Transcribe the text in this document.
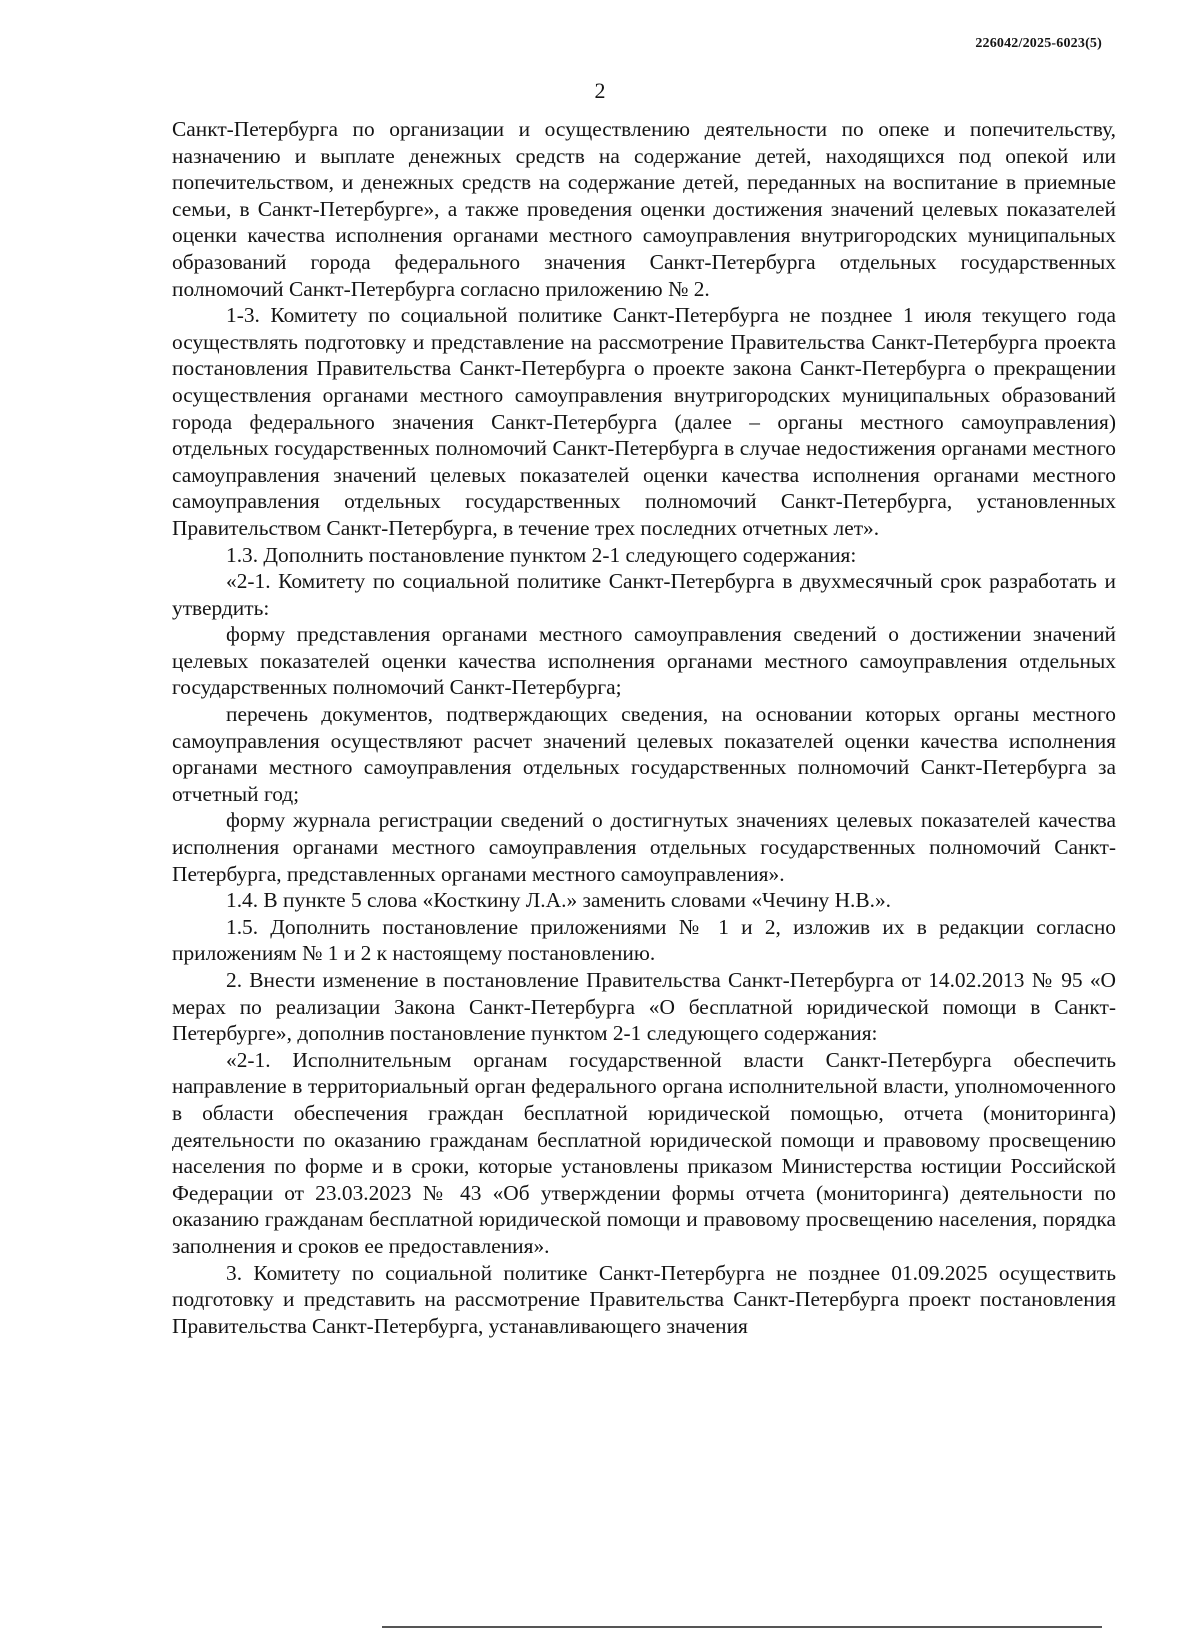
226042/2025-6023(5)
2

Санкт-Петербурга по организации и осуществлению деятельности по опеке и попечительству, назначению и выплате денежных средств на содержание детей, находящихся под опекой или попечительством, и денежных средств на содержание детей, переданных на воспитание в приемные семьи, в Санкт-Петербурге», а также проведения оценки достижения значений целевых показателей оценки качества исполнения органами местного самоуправления внутригородских муниципальных образований города федерального значения Санкт-Петербурга отдельных государственных полномочий Санкт-Петербурга согласно приложению № 2.

1-3. Комитету по социальной политике Санкт-Петербурга не позднее 1 июля текущего года осуществлять подготовку и представление на рассмотрение Правительства Санкт-Петербурга проекта постановления Правительства Санкт-Петербурга о проекте закона Санкт-Петербурга о прекращении осуществления органами местного самоуправления внутригородских муниципальных образований города федерального значения Санкт-Петербурга (далее – органы местного самоуправления) отдельных государственных полномочий Санкт-Петербурга в случае недостижения органами местного самоуправления значений целевых показателей оценки качества исполнения органами местного самоуправления отдельных государственных полномочий Санкт-Петербурга, установленных Правительством Санкт-Петербурга, в течение трех последних отчетных лет».

1.3. Дополнить постановление пунктом 2-1 следующего содержания:

«2-1. Комитету по социальной политике Санкт-Петербурга в двухмесячный срок разработать и утвердить:

форму представления органами местного самоуправления сведений о достижении значений целевых показателей оценки качества исполнения органами местного самоуправления отдельных государственных полномочий Санкт-Петербурга;

перечень документов, подтверждающих сведения, на основании которых органы местного самоуправления осуществляют расчет значений целевых показателей оценки качества исполнения органами местного самоуправления отдельных государственных полномочий Санкт-Петербурга за отчетный год;

форму журнала регистрации сведений о достигнутых значениях целевых показателей качества исполнения органами местного самоуправления отдельных государственных полномочий Санкт-Петербурга, представленных органами местного самоуправления».

1.4. В пункте 5 слова «Косткину Л.А.» заменить словами «Чечину Н.В.».

1.5. Дополнить постановление приложениями № 1 и 2, изложив их в редакции согласно приложениям № 1 и 2 к настоящему постановлению.

2. Внести изменение в постановление Правительства Санкт-Петербурга от 14.02.2013 № 95 «О мерах по реализации Закона Санкт-Петербурга «О бесплатной юридической помощи в Санкт-Петербурге», дополнив постановление пунктом 2-1 следующего содержания:

«2-1. Исполнительным органам государственной власти Санкт-Петербурга обеспечить направление в территориальный орган федерального органа исполнительной власти, уполномоченного в области обеспечения граждан бесплатной юридической помощью, отчета (мониторинга) деятельности по оказанию гражданам бесплатной юридической помощи и правовому просвещению населения по форме и в сроки, которые установлены приказом Министерства юстиции Российской Федерации от 23.03.2023 № 43 «Об утверждении формы отчета (мониторинга) деятельности по оказанию гражданам бесплатной юридической помощи и правовому просвещению населения, порядка заполнения и сроков ее предоставления».

3. Комитету по социальной политике Санкт-Петербурга не позднее 01.09.2025 осуществить подготовку и представить на рассмотрение Правительства Санкт-Петербурга проект постановления Правительства Санкт-Петербурга, устанавливающего значения
